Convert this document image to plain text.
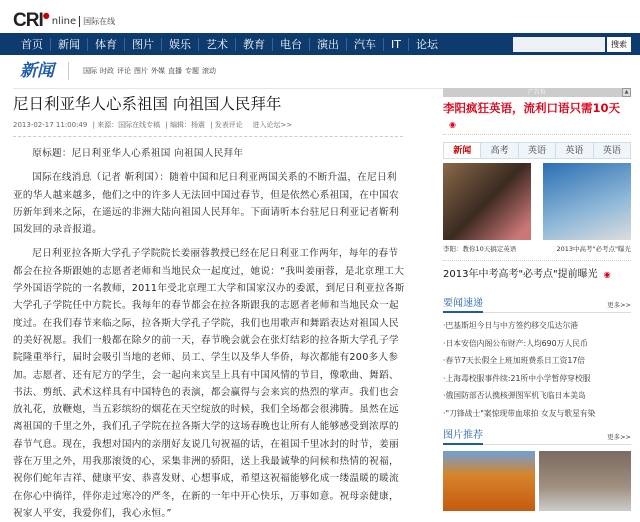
CRI ●
nline 国际在线
首页	新闻	体育	图片	娱乐	艺术	教育	电台	演出	汽车	IT	论坛	搜索
新闻	国际 时政 评论 图片 外媒 直播 专题 滚动
尼日利亚华人心系祖国 向祖国人民拜年
2013-02-17 11:00:49 | 来源：国际在线专稿 | 编辑：杨震 | 发表评论 进入论坛>>

原标题：尼日利亚华人心系祖国 向祖国人民拜年

国际在线消息（记者 靳利国）：随着中国和尼日利亚两国关系的不断升温，在尼日利亚的华人越来越多，他们之中的许多人无法回中国过春节，但是依然心系祖国，在中国农历新年到来之际，在遥远的非洲大陆向祖国人民拜年。下面请听本台驻尼日利亚记者靳利国发回的录音报道。

尼日利亚拉各斯大学孔子学院院长姜丽蓉教授已经在尼日利亚工作两年，每年的春节都会在拉各斯跟她的志愿者老师和当地民众一起度过，她说：“我叫姜丽蓉，是北京理工大学外国语学院的一名教师，2011年受北京理工大学和国家汉办的委派，到尼日利亚拉各斯大学孔子学院任中方院长。我每年的春节都会在拉各斯跟我的志愿者老师和当地民众一起度过。在我们春节来临之际，拉各斯大学孔子学院，我们也用歌声和舞蹈表达对祖国人民的美好祝愿。我们一般都在除夕的前一天，春节晚会就会在张灯结彩的拉各斯大学孔子学院隆重举行，届时会吸引当地的老师、员工、学生以及华人华侨，每次都能有200多人参加。志愿者、还有尼方的学生，会一起向来宾呈上具有中国风情的节目，像歌曲、舞蹈、书法、剪纸、武术这样具有中国特色的表演，都会赢得与会来宾的热烈的掌声。我们也会放礼花，放鞭炮，当五彩缤纷的烟花在天空绽放的时候，我们全场都会很沸腾。虽然在远离祖国的千里之外，我们孔子学院在拉各斯大学的这场春晚也让所有人能够感受到浓厚的春节气息。现在，我想对国内的亲朋好友说几句祝福的话，在祖国千里冰封的时节，姜丽蓉在万里之外，用我那滚烫的心，采集非洲的骄阳，送上我最诚挚的问候和热情的祝福，祝你们蛇年吉祥、健康平安、恭喜发财、心想事成，希望这祝福能够化成一缕温暖的暖流在你心中徜徉，伴你走过寒冷的严冬，在新的一年中开心快乐，万事如意。祝母亲健康，祝家人平安，我爱你们，我心永恒。”

广告位	▲
李阳疯狂英语，流利口语只需10天◉
新闻	高考	英语	英语	英语
李阳：教你10天搞定英语	2013中高考"必考点"曝光
2013年中考高考"必考点"提前曝光 ◉
要闻速递	更多>>
·巴基斯坦今日与中方签约移交瓜达尔港
·日本安倍内阁公布财产:人均690万人民币
·春节7天长假全上班加班费系日工资17倍
·上海毒校服事件续:21所中小学暂停穿校服
·俄国防部否认携核弹图军机飞临日本美岛
·"刀锋战士"案惊现带血球拍 女友与歌星有染
图片推荐	更多>>
